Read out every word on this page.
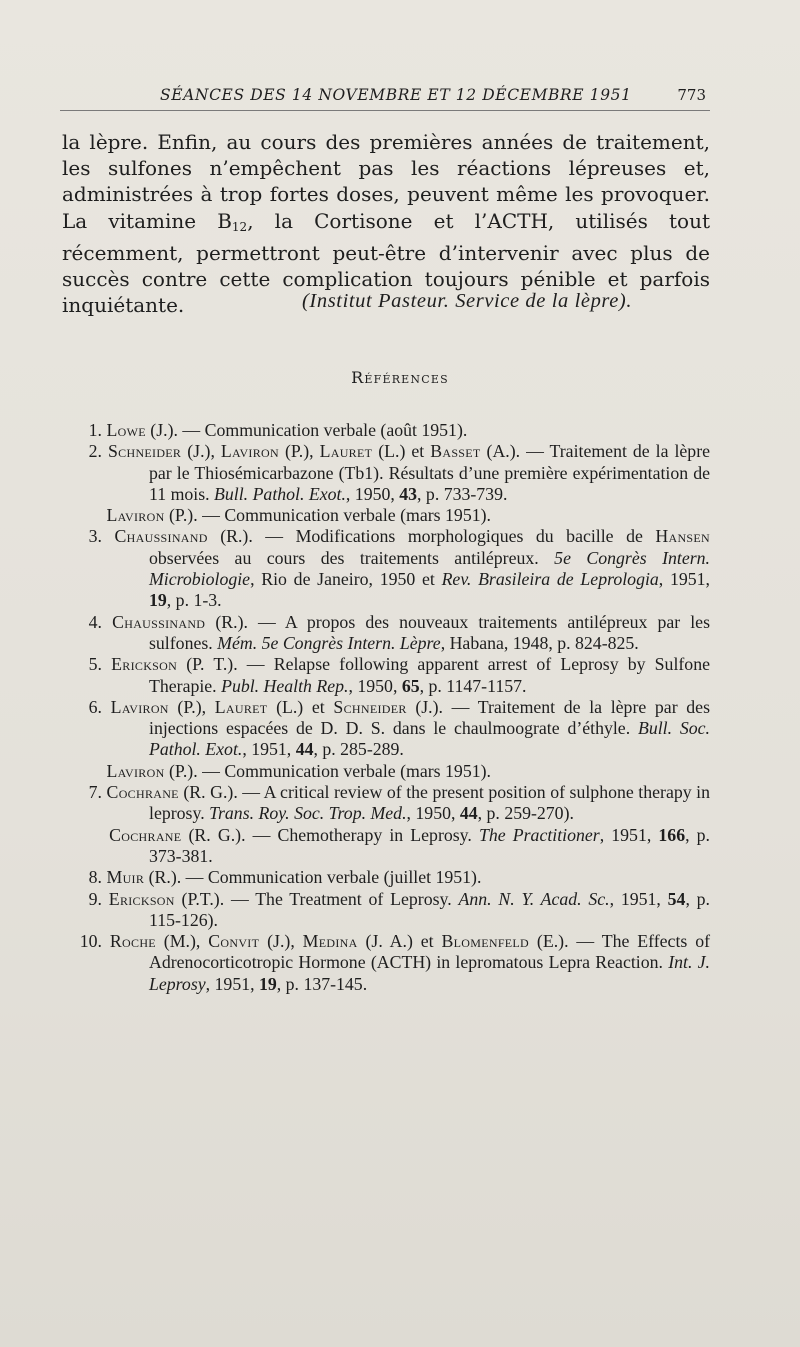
SÉANCES DES 14 NOVEMBRE ET 12 DÉCEMBRE 1951	773

la lèpre. Enfin, au cours des premières années de traitement, les sulfones n’empêchent pas les réactions lépreuses et, administrées à trop fortes doses, peuvent même les provoquer. La vitamine $B_{12}$, la Cortisone et l’ACTH, utilisés tout récemment, permettront peut-être d’intervenir avec plus de succès contre cette complication toujours pénible et parfois inquiétante.	(Institut Pasteur. Service de la lèpre).
Références
1. Lowe (J.). — Communication verbale (août 1951).
2. Schneider (J.), Laviron (P.), Lauret (L.) et Basset (A.). — Traitement de la lèpre par le Thiosémicarbazone (Tb1). Résultats d’une première expérimentation de 11 mois. Bull. Pathol. Exot., 1950, 43, p. 733-739.
Laviron (P.). — Communication verbale (mars 1951).
3. Chaussinand (R.). — Modifications morphologiques du bacille de Hansen observées au cours des traitements antilépreux. 5e Congrès Intern. Microbiologie, Rio de Janeiro, 1950 et Rev. Brasileira de Leprologia, 1951, 19, p. 1-3.
4. Chaussinand (R.). — A propos des nouveaux traitements antilépreux par les sulfones. Mém. 5e Congrès Intern. Lèpre, Habana, 1948, p. 824-825.
5. Erickson (P. T.). — Relapse following apparent arrest of Leprosy by Sulfone Therapie. Publ. Health Rep., 1950, 65, p. 1147-1157.
6. Laviron (P.), Lauret (L.) et Schneider (J.). — Traitement de la lèpre par des injections espacées de D. D. S. dans le chaulmoograte d’éthyle. Bull. Soc. Pathol. Exot., 1951, 44, p. 285-289.
Laviron (P.). — Communication verbale (mars 1951).
7. Cochrane (R. G.). — A critical review of the present position of sulphone therapy in leprosy. Trans. Roy. Soc. Trop. Med., 1950, 44, p. 259-270).
Cochrane (R. G.). — Chemotherapy in Leprosy. The Practitioner, 1951, 166, p. 373-381.
8. Muir (R.). — Communication verbale (juillet 1951).
9. Erickson (P.T.). — The Treatment of Leprosy. Ann. N. Y. Acad. Sc., 1951, 54, p. 115-126).
10. Roche (M.), Convit (J.), Medina (J. A.) et Blomenfeld (E.). — The Effects of Adrenocorticotropic Hormone (ACTH) in lepromatous Lepra Reaction. Int. J. Leprosy, 1951, 19, p. 137-145.
